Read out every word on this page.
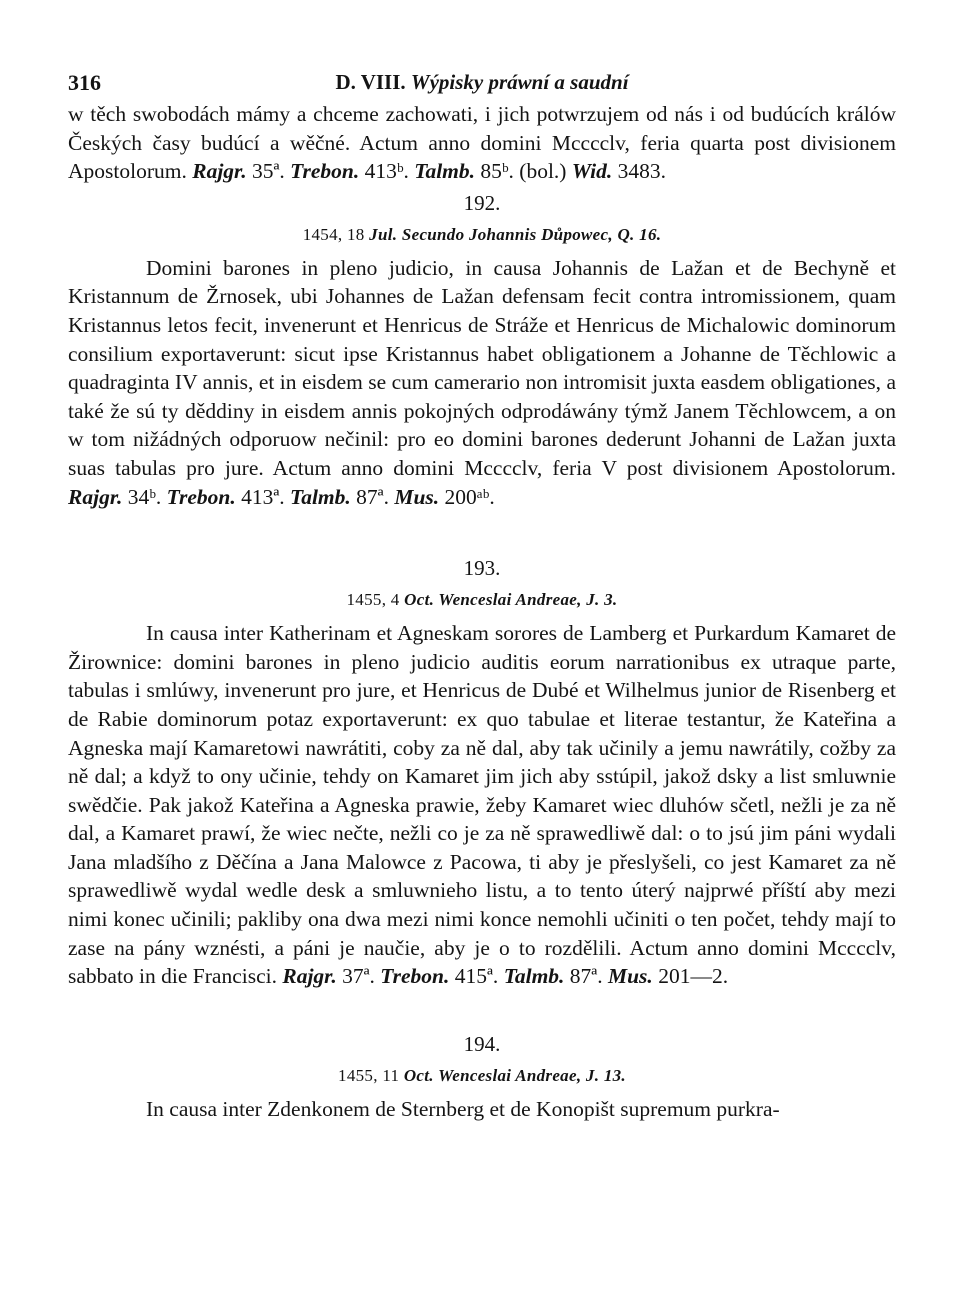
316	D. VIII. Wýpisky práwní a saudní

w těch swobodách mámy a chceme zachowati, i jich potwrzujem od nás i od budúcích králów Českých časy budúcí a wěčné. Actum anno domini Mcccclv, feria quarta post divisionem Apostolorum. Rajgr. 35ª. Trebon. 413ᵇ. Talmb. 85ᵇ. (bol.) Wid. 3483.

192.
1454, 18 Jul. Secundo Johannis Důpowec, Q. 16.

Domini barones in pleno judicio, in causa Johannis de Lažan et de Bechyně et Kristannum de Žrnosek, ubi Johannes de Lažan defensam fecit contra intromissionem, quam Kristannus letos fecit, invenerunt et Henricus de Stráže et Henricus de Michalowic dominorum consilium exportaverunt: sicut ipse Kristannus habet obligationem a Johanne de Těchlowic a quadraginta IV annis, et in eisdem se cum camerario non intromisit juxta easdem obligationes, a také že sú ty děddiny in eisdem annis pokojných odprodáwány týmž Janem Těchlowcem, a on w tom nižádných odporuow nečinil: pro eo domini barones dederunt Johanni de Lažan juxta suas tabulas pro jure. Actum anno domini Mcccclv, feria V post divisionem Apostolorum. Rajgr. 34ᵇ. Trebon. 413ª. Talmb. 87ª. Mus. 200ᵃᵇ.

193.
1455, 4 Oct. Wenceslai Andreae, J. 3.

In causa inter Katherinam et Agneskam sorores de Lamberg et Purkardum Kamaret de Žirownice: domini barones in pleno judicio auditis eorum narrationibus ex utraque parte, tabulas i smlúwy, invenerunt pro jure, et Henricus de Dubé et Wilhelmus junior de Risenberg et de Rabie dominorum potaz exportaverunt: ex quo tabulae et literae testantur, že Kateřina a Agneska mají Kamaretowi nawrátiti, coby za ně dal, aby tak učinily a jemu nawrátily, cožby za ně dal; a když to ony učinie, tehdy on Kamaret jim jich aby sstúpil, jakož dsky a list smluwnie swědčie. Pak jakož Kateřina a Agneska prawie, žeby Kamaret wiec dluhów sčetl, nežli je za ně dal, a Kamaret prawí, že wiec nečte, nežli co je za ně sprawedliwě dal: o to jsú jim páni wydali Jana mladšího z Děčína a Jana Malowce z Pacowa, ti aby je přeslyšeli, co jest Kamaret za ně sprawedliwě wydal wedle desk a smluwnieho listu, a to tento úterý najprwé příští aby mezi nimi konec učinili; pakliby ona dwa mezi nimi konce nemohli učiniti o ten počet, tehdy mají to zase na pány wznésti, a páni je naučie, aby je o to rozdělili. Actum anno domini Mcccclv, sabbato in die Francisci. Rajgr. 37ª. Trebon. 415ª. Talmb. 87ª. Mus. 201—2.

194.
1455, 11 Oct. Wenceslai Andreae, J. 13.

In causa inter Zdenkonem de Sternberg et de Konopišt supremum purkra-
